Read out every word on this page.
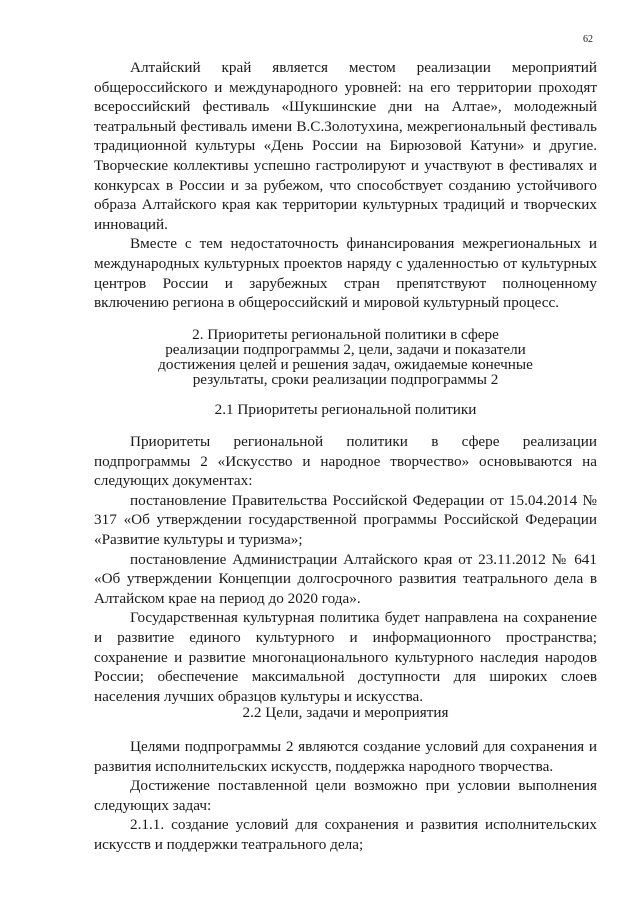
62

Алтайский край является местом реализации мероприятий общероссийского и международного уровней: на его территории проходят всероссийский фестиваль «Шукшинские дни на Алтае», молодежный театральный фестиваль имени В.С.Золотухина, межрегиональный фестиваль традиционной культуры «День России на Бирюзовой Катуни» и другие. Творческие коллективы успешно гастролируют и участвуют в фестивалях и конкурсах в России и за рубежом, что способствует созданию устойчивого образа Алтайского края как территории культурных традиций и творческих инноваций.

Вместе с тем недостаточность финансирования межрегиональных и международных культурных проектов наряду с удаленностью от культурных центров России и зарубежных стран препятствуют полноценному включению региона в общероссийский и мировой культурный процесс.

2. Приоритеты региональной политики в сфере
реализации подпрограммы 2, цели, задачи и показатели
достижения целей и решения задач, ожидаемые конечные
результаты, сроки реализации подпрограммы 2
2.1 Приоритеты региональной политики

Приоритеты региональной политики в сфере реализации подпрограммы 2 «Искусство и народное творчество» основываются на следующих документах:

постановление Правительства Российской Федерации от 15.04.2014 № 317 «Об утверждении государственной программы Российской Федерации «Развитие культуры и туризма»;

постановление Администрации Алтайского края от 23.11.2012 № 641 «Об утверждении Концепции долгосрочного развития театрального дела в Алтайском крае на период до 2020 года».

Государственная культурная политика будет направлена на сохранение и развитие единого культурного и информационного пространства; сохранение и развитие многонационального культурного наследия народов России; обеспечение максимальной доступности для широких слоев населения лучших образцов культуры и искусства.

2.2 Цели, задачи и мероприятия

Целями подпрограммы 2 являются создание условий для сохранения и развития исполнительских искусств, поддержка народного творчества.

Достижение поставленной цели возможно при условии выполнения следующих задач:

2.1.1. создание условий для сохранения и развития исполнительских искусств и поддержки театрального дела;
